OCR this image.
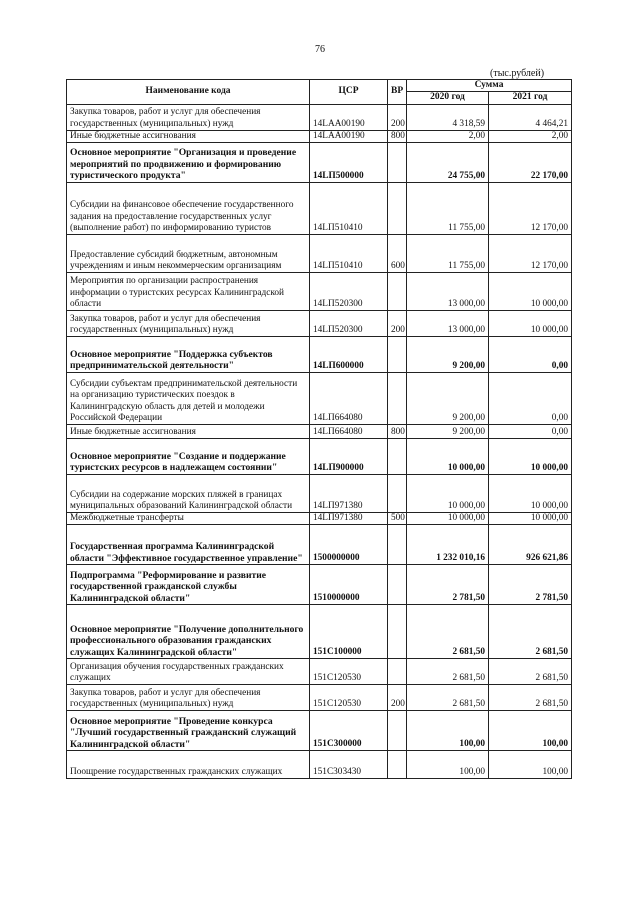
76
(тыс.рублей)
Наименование кода	ЦСР	ВР	Сумма	
			2020 год	2021 год
Закупка товаров, работ и услуг для обеспечения государственных (муниципальных) нужд	14LAA00190	200	4 318,59	4 464,21
Иные бюджетные ассигнования	14LAA00190	800	2,00	2,00
Основное мероприятие "Организация и проведение мероприятий по продвижению и формированию туристического продукта"	14LП500000		24 755,00	22 170,00
Субсидии на финансовое обеспечение государственного задания на предоставление государственных услуг (выполнение работ) по информированию туристов	14LП510410		11 755,00	12 170,00
Предоставление субсидий бюджетным, автономным учреждениям и иным некоммерческим организациям	14LП510410	600	11 755,00	12 170,00
Мероприятия по организации распространения информации о туристских ресурсах Калининградской области	14LП520300		13 000,00	10 000,00
Закупка товаров, работ и услуг для обеспечения государственных (муниципальных) нужд	14LП520300	200	13 000,00	10 000,00
Основное мероприятие "Поддержка субъектов предпринимательской деятельности"	14LП600000		9 200,00	0,00
Субсидии субъектам предпринимательской деятельности на организацию туристических поездок в Калининградскую область для детей и молодежи Российской Федерации	14LП664080		9 200,00	0,00
Иные бюджетные ассигнования	14LП664080	800	9 200,00	0,00
Основное мероприятие "Создание и поддержание туристских ресурсов в надлежащем состоянии"	14LП900000		10 000,00	10 000,00
Субсидии на содержание морских пляжей в границах муниципальных образований Калининградской области	14LП971380		10 000,00	10 000,00
Межбюджетные трансферты	14LП971380	500	10 000,00	10 000,00
Государственная программа Калининградской области "Эффективное государственное управление"	1500000000		1 232 010,16	926 621,86
Подпрограмма "Реформирование и развитие государственной гражданской службы Калининградской области"	1510000000		2 781,50	2 781,50
Основное мероприятие "Получение дополнительного профессионального образования гражданских служащих Калининградской области"	151С100000		2 681,50	2 681,50
Организация обучения государственных гражданских служащих	151С120530		2 681,50	2 681,50
Закупка товаров, работ и услуг для обеспечения государственных (муниципальных) нужд	151С120530	200	2 681,50	2 681,50
Основное мероприятие "Проведение конкурса "Лучший государственный гражданский служащий Калининградской области"	151С300000		100,00	100,00
Поощрение государственных гражданских служащих	151С303430		100,00	100,00
